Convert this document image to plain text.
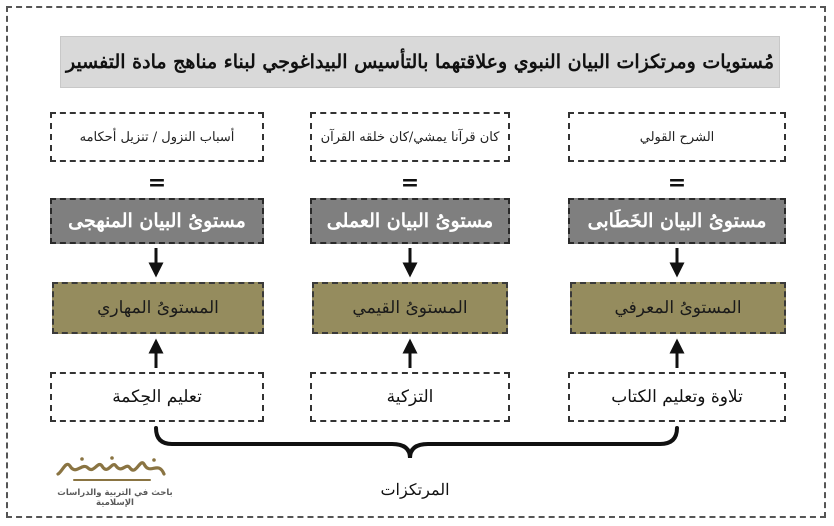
مُستويات ومرتكزات البيان النبوي وعلاقتهما بالتأسيس البيداغوجي لبناء مناهج مادة التفسير
الشرح القولي
=
مستوىُ البيان الخَطَابى
المستوىُ المعرفي
تلاوة وتعليم الكتاب
كان قرآنا يمشي/كان خلقه القرآن
=
مستوىُ البيان العملى
المستوىُ القيمي
التزكية
أسباب النزول / تنزيل أحكامه
=
مستوىُ البيان المنهجى
المستوىُ المهاري
تعليم الحِكمة
المرتكزات
باحث في التربية والدراسات الإسلامية
